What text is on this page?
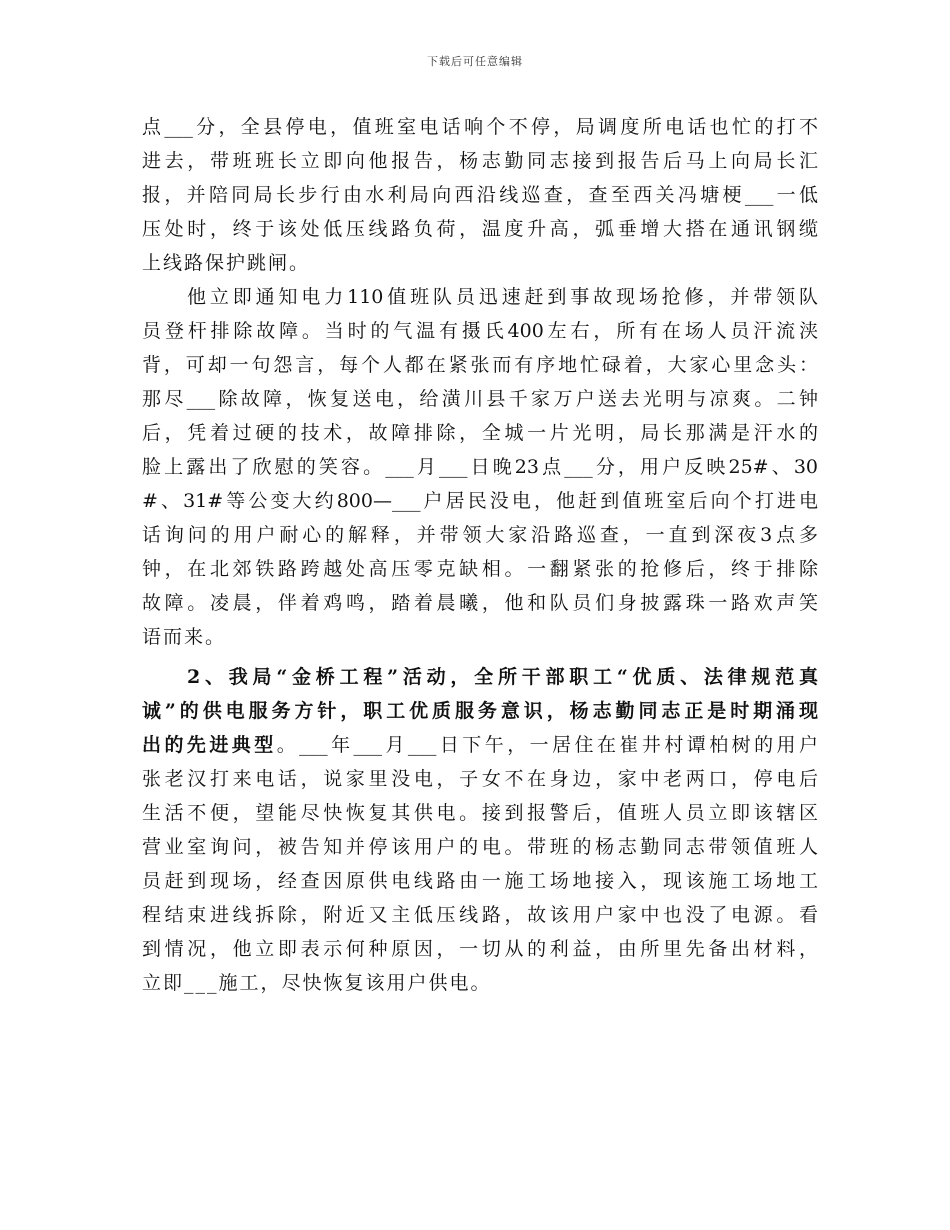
下载后可任意编辑
点___分，全县停电，值班室电话响个不停，局调度所电话也忙的打不
进去，带班班长立即向他报告，杨志勤同志接到报告后马上向局长汇
报，并陪同局长步行由水利局向西沿线巡查，查至西关冯塘梗___一低
压处时，终于该处低压线路负荷，温度升高，弧垂增大搭在通讯钢缆
上线路保护跳闸。
他立即通知电力110值班队员迅速赶到事故现场抢修，并带领队
员登杆排除故障。当时的气温有摄氏400左右，所有在场人员汗流浃
背，可却一句怨言，每个人都在紧张而有序地忙碌着，大家心里念头：
那尽___除故障，恢复送电，给潢川县千家万户送去光明与凉爽。二钟
后，凭着过硬的技术，故障排除，全城一片光明，局长那满是汗水的
脸上露出了欣慰的笑容。___月___日晚23点___分，用户反映25#、30
#、31#等公变大约800—___户居民没电，他赶到值班室后向个打进电
话询问的用户耐心的解释，并带领大家沿路巡查，一直到深夜3点多
钟，在北郊铁路跨越处高压零克缺相。一翻紧张的抢修后，终于排除
故障。凌晨，伴着鸡鸣，踏着晨曦，他和队员们身披露珠一路欢声笑
语而来。
2、我局“金桥工程”活动，全所干部职工“优质、法律规范真
诚”的供电服务方针，职工优质服务意识，杨志勤同志正是时期涌现
出的先进典型。___年___月___日下午，一居住在崔井村谭柏树的用户
张老汉打来电话，说家里没电，子女不在身边，家中老两口，停电后
生活不便，望能尽快恢复其供电。接到报警后，值班人员立即该辖区
营业室询问，被告知并停该用户的电。带班的杨志勤同志带领值班人
员赶到现场，经查因原供电线路由一施工场地接入，现该施工场地工
程结束进线拆除，附近又主低压线路，故该用户家中也没了电源。看
到情况，他立即表示何种原因，一切从的利益，由所里先备出材料，
立即___施工，尽快恢复该用户供电。
